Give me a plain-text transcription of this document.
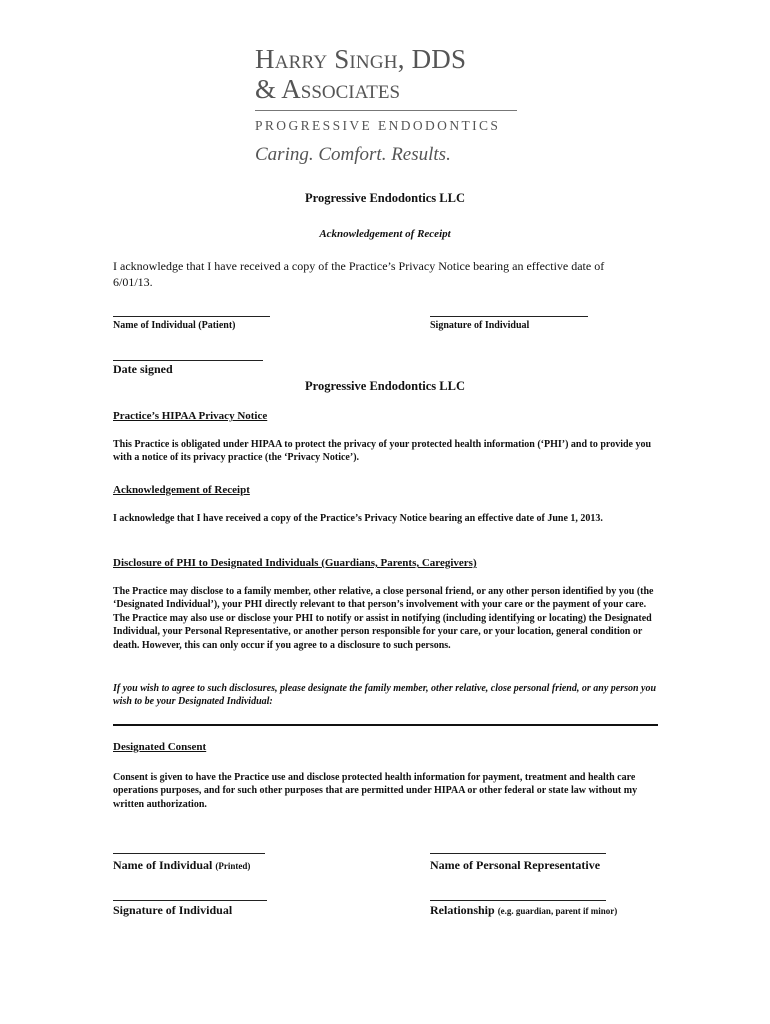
Harry Singh, DDS
& Associates
PROGRESSIVE ENDODONTICS
Caring. Comfort. Results.
Progressive Endodontics LLC
Acknowledgement of Receipt
I acknowledge that I have received a copy of the Practice’s Privacy Notice bearing an effective date of
6/01/13.
Name of Individual (Patient)	Signature of Individual
Date signed
Progressive Endodontics LLC
Practice’s HIPAA Privacy Notice
This Practice is obligated under HIPAA to protect the privacy of your protected health information (‘PHI’) and to provide you with a notice of its privacy practice (the ‘Privacy Notice’).
Acknowledgement of Receipt
I acknowledge that I have received a copy of the Practice’s Privacy Notice bearing an effective date of June 1, 2013.
Disclosure of PHI to Designated Individuals (Guardians, Parents, Caregivers)
The Practice may disclose to a family member, other relative, a close personal friend, or any other person identified by you (the ‘Designated Individual’), your PHI directly relevant to that person’s involvement with your care or the payment of your care. The Practice may also use or disclose your PHI to notify or assist in notifying (including identifying or locating) the Designated Individual, your Personal Representative, or another person responsible for your care, or your location, general condition or death. However, this can only occur if you agree to a disclosure to such persons.
If you wish to agree to such disclosures, please designate the family member, other relative, close personal friend, or any person you wish to be your Designated Individual:
Designated Consent
Consent is given to have the Practice use and disclose protected health information for payment, treatment and health care operations purposes, and for such other purposes that are permitted under HIPAA or other federal or state law without my written authorization.
Name of Individual (Printed)	Name of Personal Representative
Signature of Individual	Relationship (e.g. guardian, parent if minor)
